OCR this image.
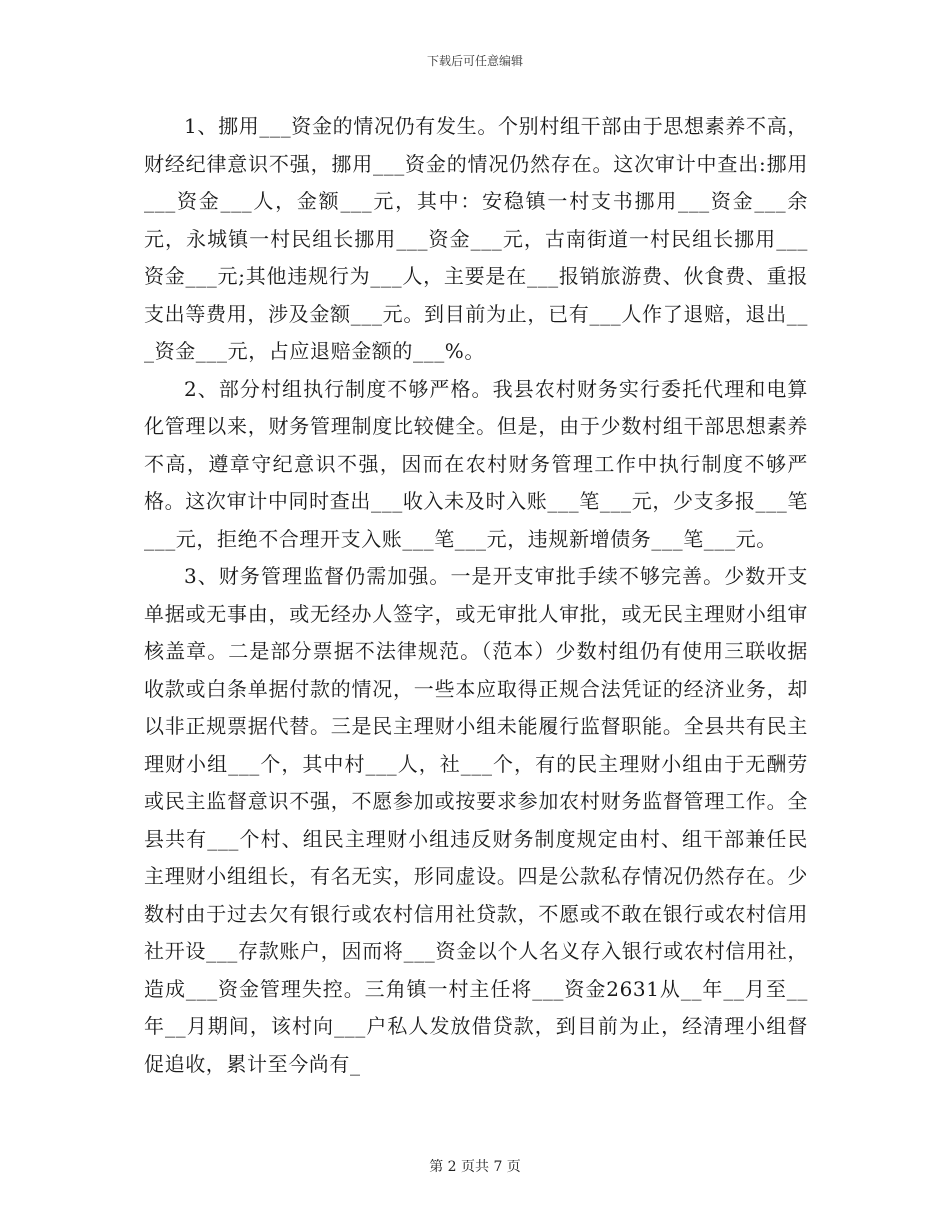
下载后可任意编辑

1、挪用___资金的情况仍有发生。个别村组干部由于思想素养不高，财经纪律意识不强，挪用___资金的情况仍然存在。这次审计中查出:挪用___资金___人，金额___元，其中：安稳镇一村支书挪用___资金___余元，永城镇一村民组长挪用___资金___元，古南街道一村民组长挪用___资金___元;其他违规行为___人，主要是在___报销旅游费、伙食费、重报支出等费用，涉及金额___元。到目前为止，已有___人作了退赔，退出___资金___元，占应退赔金额的___%。

2、部分村组执行制度不够严格。我县农村财务实行委托代理和电算化管理以来，财务管理制度比较健全。但是，由于少数村组干部思想素养不高，遵章守纪意识不强，因而在农村财务管理工作中执行制度不够严格。这次审计中同时查出___收入未及时入账___笔___元，少支多报___笔___元，拒绝不合理开支入账___笔___元，违规新增债务___笔___元。

3、财务管理监督仍需加强。一是开支审批手续不够完善。少数开支单据或无事由，或无经办人签字，或无审批人审批，或无民主理财小组审核盖章。二是部分票据不法律规范。（范本）少数村组仍有使用三联收据收款或白条单据付款的情况，一些本应取得正规合法凭证的经济业务，却以非正规票据代替。三是民主理财小组未能履行监督职能。全县共有民主理财小组___个，其中村___人，社___个，有的民主理财小组由于无酬劳或民主监督意识不强，不愿参加或按要求参加农村财务监督管理工作。全县共有___个村、组民主理财小组违反财务制度规定由村、组干部兼任民主理财小组组长，有名无实，形同虚设。四是公款私存情况仍然存在。少数村由于过去欠有银行或农村信用社贷款，不愿或不敢在银行或农村信用社开设___存款账户，因而将___资金以个人名义存入银行或农村信用社，造成___资金管理失控。三角镇一村主任将___资金2631从__年__月至__年__月期间，该村向___户私人发放借贷款，到目前为止，经清理小组督促追收，累计至今尚有_

第 2 页共 7 页
